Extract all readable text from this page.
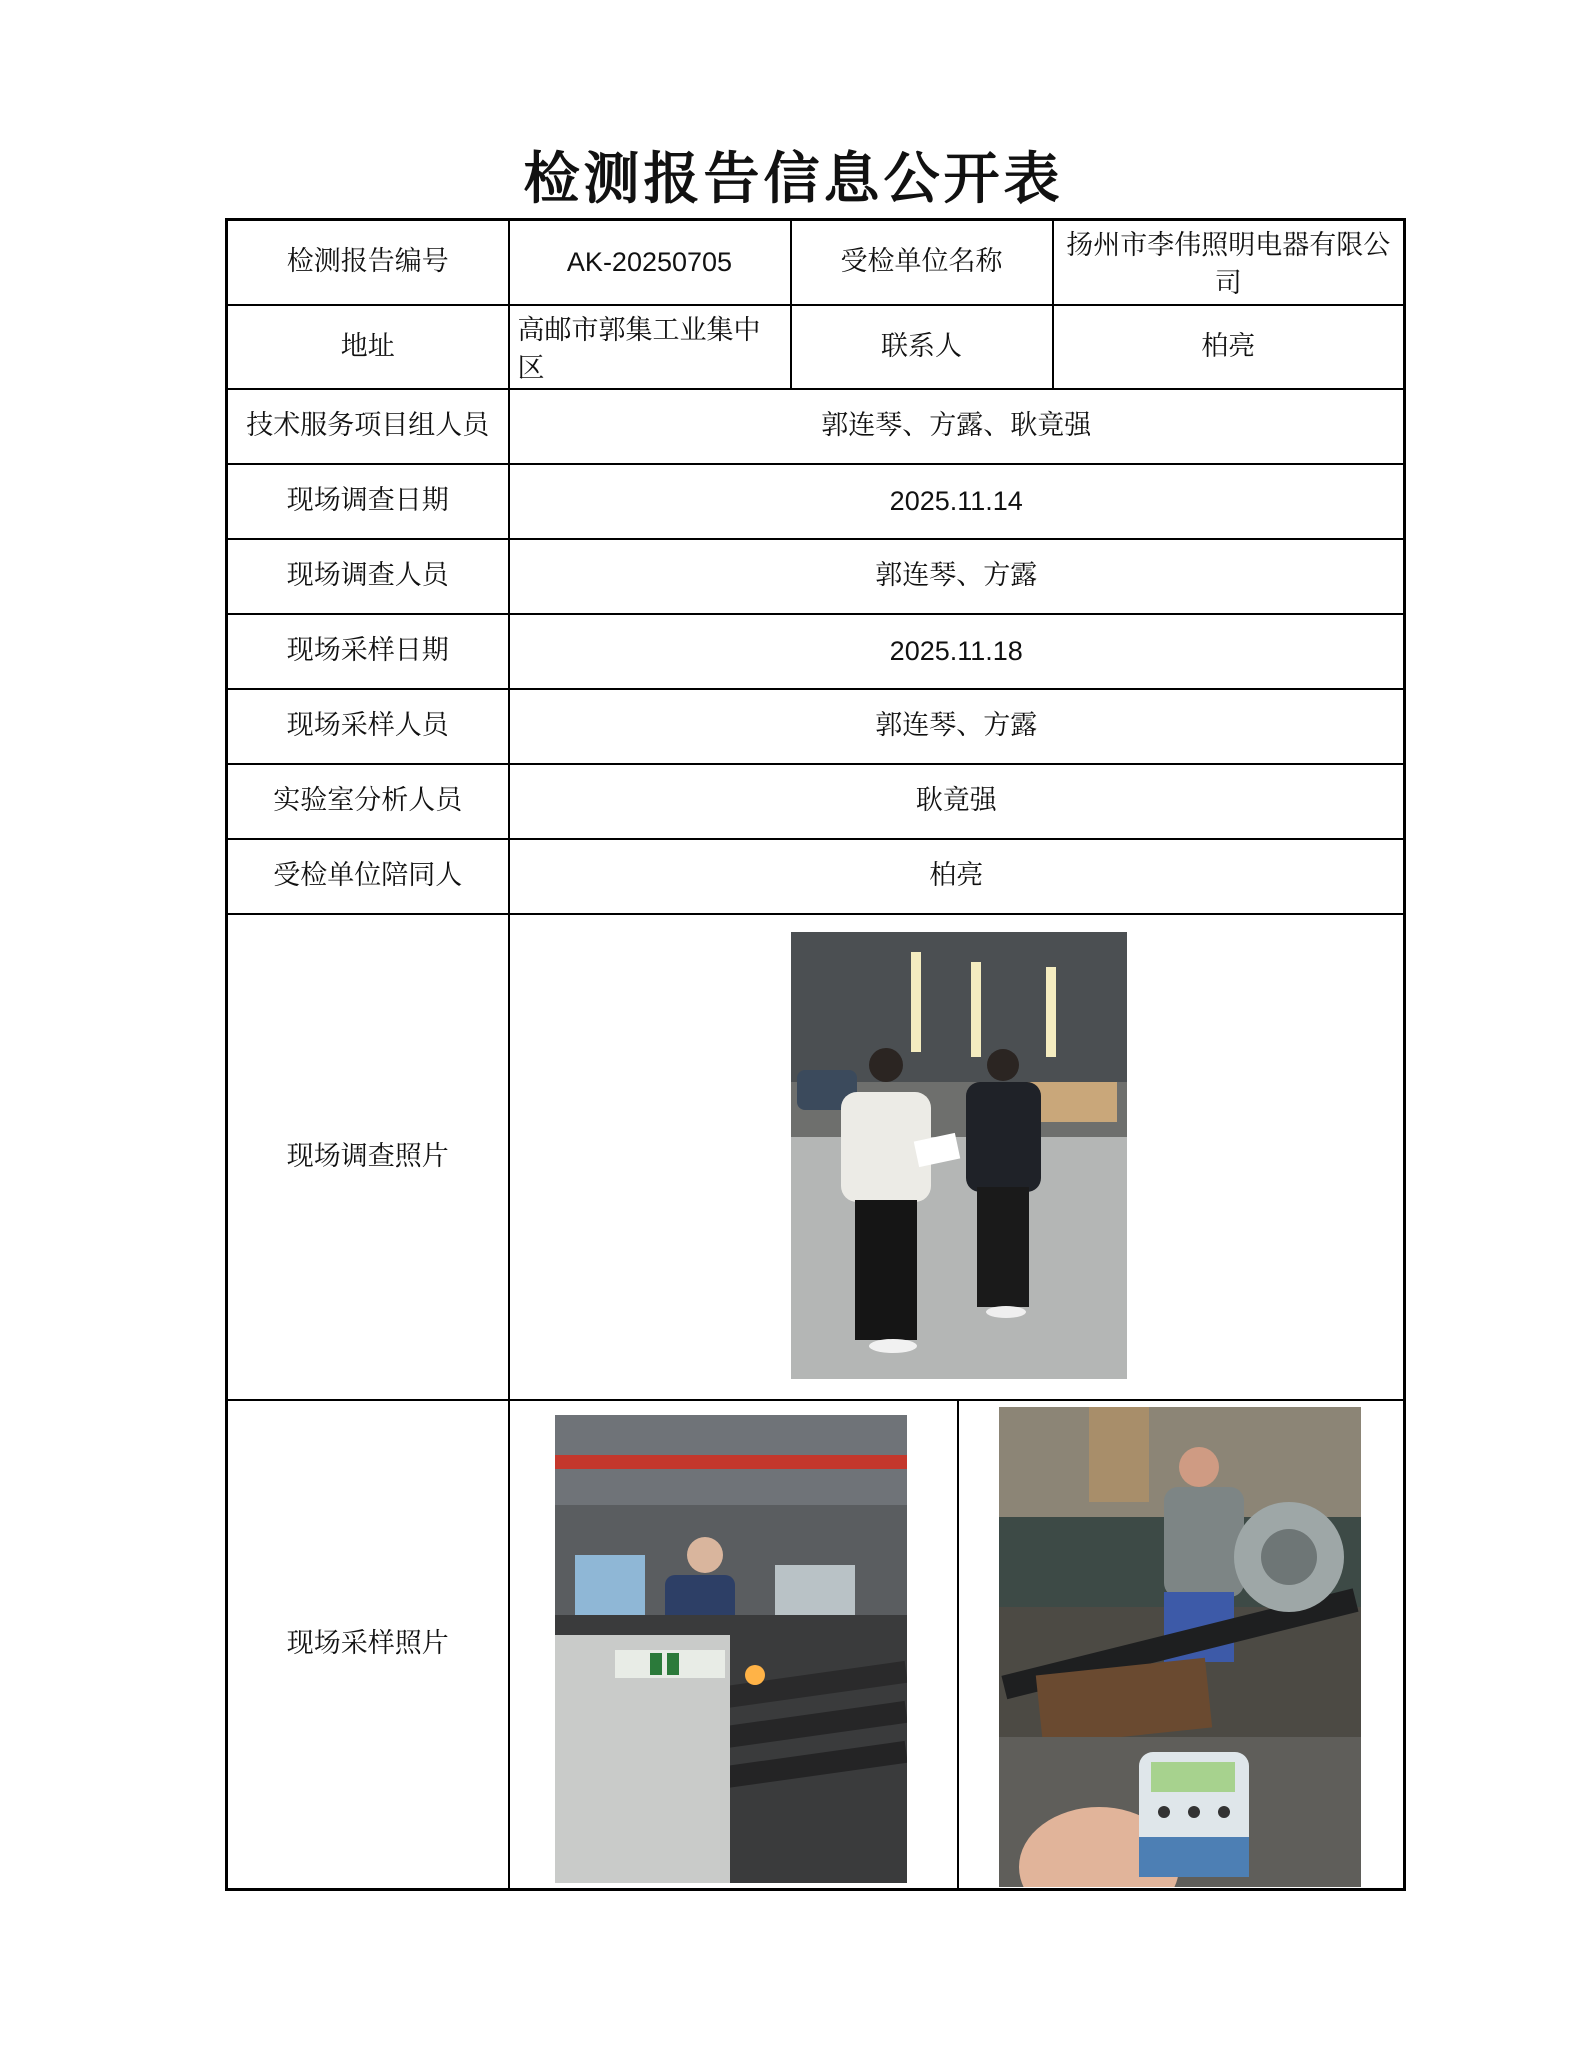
检测报告信息公开表
检测报告编号	AK-20250705	受检单位名称	扬州市李伟照明电器有限公司
地址	高邮市郭集工业集中区	联系人	柏亮
技术服务项目组人员	郭连琴、方露、耿竟强		
现场调查日期	2025.11.14		
现场调查人员	郭连琴、方露		
现场采样日期	2025.11.18		
现场采样人员	郭连琴、方露		
实验室分析人员	耿竟强		
受检单位陪同人	柏亮		
现场调查照片	

现场采样照片	
